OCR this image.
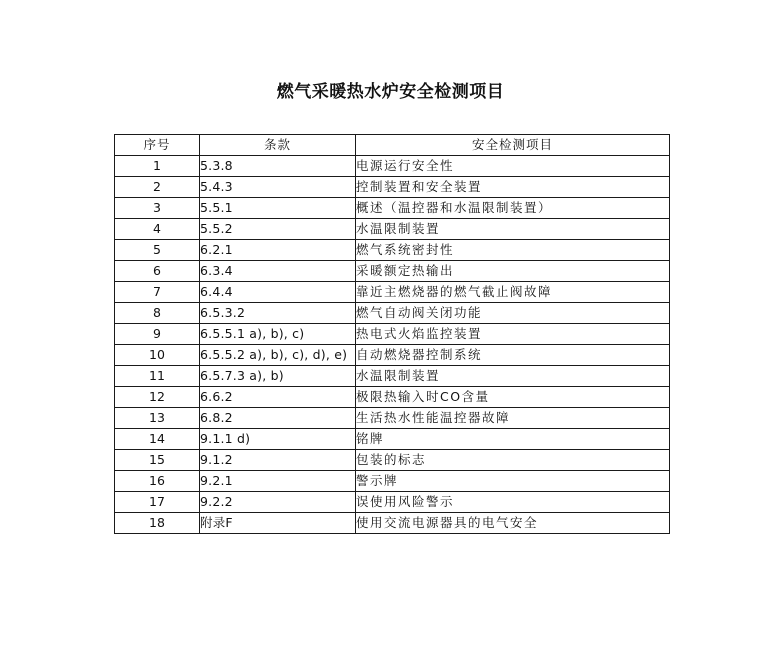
燃气采暖热水炉安全检测项目
序号	条款	安全检测项目
1	5.3.8	电源运行安全性
2	5.4.3	控制装置和安全装置
3	5.5.1	概述（温控器和水温限制装置）
4	5.5.2	水温限制装置
5	6.2.1	燃气系统密封性
6	6.3.4	采暖额定热输出
7	6.4.4	靠近主燃烧器的燃气截止阀故障
8	6.5.3.2	燃气自动阀关闭功能
9	6.5.5.1 a), b), c)	热电式火焰监控装置
10	6.5.5.2 a), b), c), d), e)	自动燃烧器控制系统
11	6.5.7.3 a), b)	水温限制装置
12	6.6.2	极限热输入时CO含量
13	6.8.2	生活热水性能温控器故障
14	9.1.1 d)	铭牌
15	9.1.2	包装的标志
16	9.2.1	警示牌
17	9.2.2	误使用风险警示
18	附录F	使用交流电源器具的电气安全
